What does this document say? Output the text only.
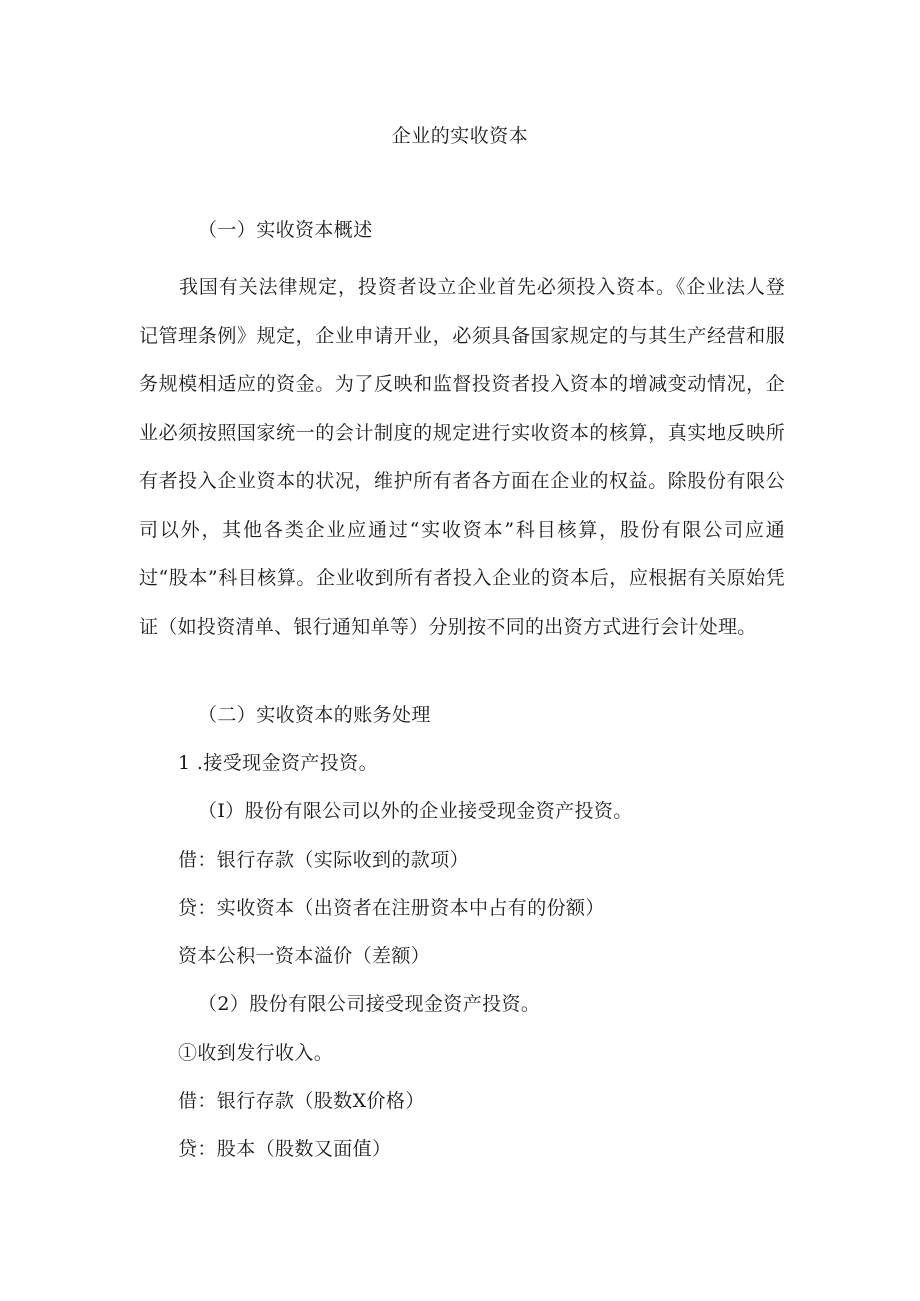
企业的实收资本
（一）实收资本概述

我国有关法律规定，投资者设立企业首先必须投入资本。《企业法人登记管理条例》规定，企业申请开业，必须具备国家规定的与其生产经营和服务规模相适应的资金。为了反映和监督投资者投入资本的增减变动情况，企业必须按照国家统一的会计制度的规定进行实收资本的核算，真实地反映所有者投入企业资本的状况，维护所有者各方面在企业的权益。除股份有限公司以外，其他各类企业应通过“实收资本”科目核算，股份有限公司应通过“股本”科目核算。企业收到所有者投入企业的资本后，应根据有关原始凭证（如投资清单、银行通知单等）分别按不同的出资方式进行会计处理。

（二）实收资本的账务处理
1 .接受现金资产投资。
（I）股份有限公司以外的企业接受现金资产投资。
借：银行存款（实际收到的款项）
贷：实收资本（出资者在注册资本中占有的份额）
资本公积一资本溢价（差额）
（2）股份有限公司接受现金资产投资。
①收到发行收入。
借：银行存款（股数X价格）
贷：股本（股数又面值）
